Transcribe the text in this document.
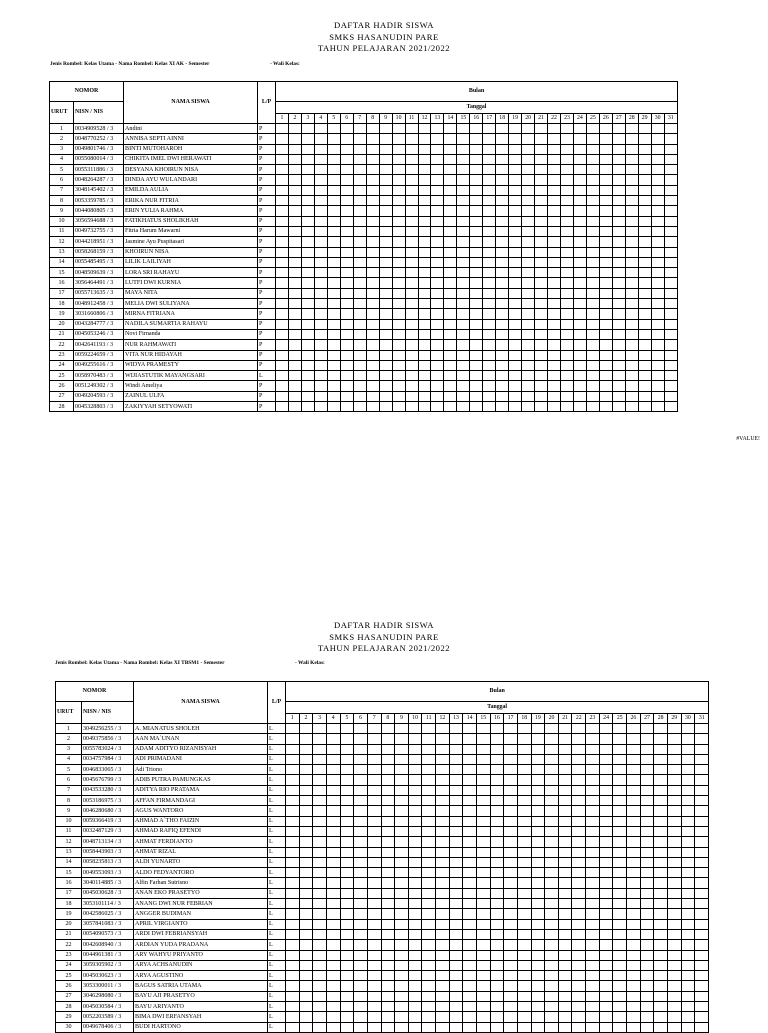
DAFTAR HADIR SISWA
SMKS HASANUDIN PARE
TAHUN PELAJARAN 2021/2022
Jenis Rombel: Kelas Utama - Nama Rombel: Kelas XI AK - Semester	- Wali Kelas:
NOMOR		NAMA SISWA	L/P	Bulan																														
URUT	NISN / NIS			Tanggal																														
				1	2	3	4	5	6	7	8	9	10	11	12	13	14	15	16	17	18	19	20	21	22	23	24	25	26	27	28	29	30	31
1	0034909528 / 3	Andini	P																															
2	0048770252 / 3	ANNISA SEPTI AINNI	P																															
3	0049801746 / 3	BINTI MUTOHAROH	P																															
4	0055080014 / 3	CHIKITA IMEL DWI HERAWATI	P																															
5	0055311886 / 3	DESYANA KHOIRUN NISA	P																															
6	0048264287 / 3	DINDA AYU WULANDARI	P																															
7	3048145402 / 3	EMILDA AULIA	P																															
8	0053359785 / 3	ERIKA NUR FITRIA	P																															
9	0044080805 / 3	ERIN YULIA RAHMA	P																															
10	3056594688 / 3	FATIKHATUS SHOLIKHAH	P																															
11	0049732755 / 3	Fitria Harum Mawarni	P																															
12	0044218951 / 3	Jasmine Ayu Puspitasari	P																															
13	0058268159 / 3	KHOIRUN NISA	P																															
14	0055485495 / 3	LILIK LAILIYAH	P																															
15	0048509639 / 3	LORA SRI RAHAYU	P																															
16	3056464491 / 3	LUTFI DWI KURNIA	P																															
17	0055713635 / 3	MAYA NITA	P																															
18	0048912458 / 3	MELIA DWI SULIYANA	P																															
19	3031660806 / 3	MIRNA FITRIANA	P																															
20	0043284777 / 3	NADILA SUMARTIA RAHAYU	P																															
21	0045053246 / 3	Novi Firnanda	P																															
22	0042641193 / 3	NUR RAHMAWATI	P																															
23	0059224659 / 3	VITA NUR HIDAYAH	P																															
24	0049255616 / 3	WIDYA PRAMESTY	P																															
25	0058970483 / 3	WIJIASTUTIK MAYANGSARI	L																															
26	0051249302 / 3	Windi Ameliya	P																															
27	0049204593 / 3	ZAINUL ULFA	P																															
28	0045328803 / 3	ZAKIYYAH SETYOWATI	P																															
DAFTAR HADIR SISWA
SMKS HASANUDIN PARE
TAHUN PELAJARAN 2021/2022
Jenis Rombel: Kelas Utama - Nama Rombel: Kelas XI TBSM1 - Semester	- Wali Kelas:
NOMOR		NAMA SISWA	L/P	Bulan																														
URUT	NISN / NIS			Tanggal																														
				1	2	3	4	5	6	7	8	9	10	11	12	13	14	15	16	17	18	19	20	21	22	23	24	25	26	27	28	29	30	31
1	3049256255 / 3	A. MIANATUS SHOLEH	L																															
2	0049375856 / 3	AAN MA`UNAN	L																															
3	0055783024 / 3	ADAM ADITYO RIZANISYAH	L																															
4	0034757984 / 3	ADI PRIMADANI	L																															
5	0046833065 / 3	Adi Triono	L																															
6	0045676799 / 3	ADIB PUTRA PAMUNGKAS	L																															
7	0043533280 / 3	ADITYA RIO PRATAMA	L																															
8	0053186975 / 3	AFFAN FIRMANDAGI	L																															
9	0046280680 / 3	AGUS WANTORO	L																															
10	0059366419 / 3	AHMAD A`THO FAIZIN	L																															
11	0032487129 / 3	AHMAD RAFIQ EFENDI	L																															
12	0048713134 / 3	AHMAT FERDIANTO	L																															
13	0058443903 / 3	AHMAT RIZAL	L																															
14	0058235813 / 3	ALDI YUNARTO	L																															
15	0049553093 / 3	ALDO FEDYANTORO	L																															
16	3040114885 / 3	Alfin Farhan Sutrisno	L																															
17	0045030628 / 3	ANAN EKO PRASETYO	L																															
18	3053101114 / 3	ANANG DWI NUR FEBRIAN	L																															
19	0042586025 / 3	ANGGER BUDIMAN	L																															
20	3057841083 / 3	APRIL VIRGIANTO	L																															
21	0054090573 / 3	ARDI DWI FEBRIANSYAH	L																															
22	0042608940 / 3	ARDIAN YUDA PRADANA	L																															
23	0044961381 / 3	ARY WAHYU PRIYANTO	L																															
24	3059305902 / 3	ARYA ACHSANUDIN	L																															
25	0045030623 / 3	ARYA AGUSTINO	L																															
26	3053300011 / 3	BAGUS SATRIA UTAMA	L																															
27	3046298080 / 3	BAYU AJI PRASETYO	L																															
28	0045030584 / 3	BAYU ARIYANTO	L																															
29	0052203589 / 3	BIMA DWI ERFANSYAH	L																															
30	0049678406 / 3	BUDI HARTONO	L																															
#VALUE!
